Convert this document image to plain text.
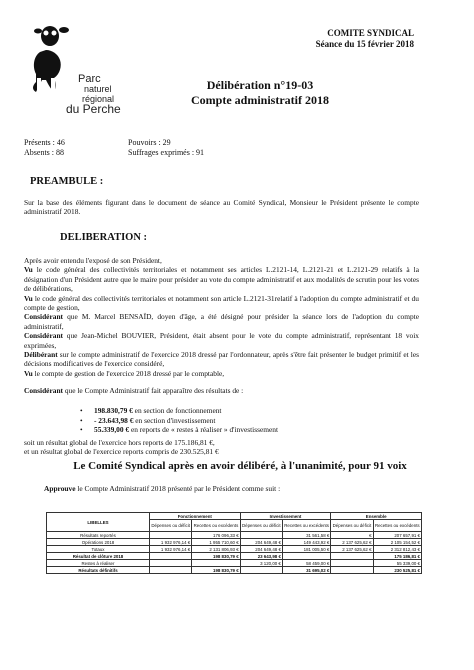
Parc
naturel
régional
du Perche
COMITE SYNDICAL
Séance du 15 février 2018
Délibération n°19-03
Compte administratif 2018
Présents : 46
Absents : 88
Pouvoirs : 29
Suffrages exprimés : 91
PREAMBULE :
Sur la base des éléments figurant dans le document de séance au Comité Syndical, Monsieur le Président présente le compte administratif 2018.
DELIBERATION :

Après avoir entendu l'exposé de son Président,

Vu le code général des collectivités territoriales et notamment ses articles L.2121-14, L.2121-21 et L.2121-29 relatifs à la désignation d'un Président autre que le maire pour présider au vote du compte administratif et aux modalités de scrutin pour les votes de délibérations,

Vu le code général des collectivités territoriales et notamment son article L.2121-31relatif à l'adoption du compte administratif et du compte de gestion,

Considérant que M. Marcel BENSAÏD, doyen d'âge, a été désigné pour présider la séance lors de l'adoption du compte administratif,

Considérant que Jean-Michel BOUVIER, Président, était absent pour le vote du compte administratif, représentant 18 voix exprimées,

Délibérant sur le compte administratif de l'exercice 2018 dressé par l'ordonnateur, après s'être fait présenter le budget primitif et les décisions modificatives de l'exercice considéré,

Vu le compte de gestion de l'exercice 2018 dressé par le comptable,

Considérant que le Compte Administratif fait apparaître des résultats de :
• 198.830,79 € en section de fonctionnement
• - 23.643,98 € en section d'investissement
• 55.339,00 € en reports de « restes à réaliser » d'investissement

soit un résultat global de l'exercice hors reports de 175.186,81 €,

et un résultat global de l'exercice reports compris de 230.525,81 €

Le Comité Syndical après en avoir délibéré, à l'unanimité, pour 91 voix
Approuve le Compte Administratif 2018 présenté par le Président comme suit :
LIBELLES	Fonctionnement		Investissement		Ensemble	
	Dépenses ou déficit	Recettes ou excédents	Dépenses ou déficit	Recettes ou excédents	Dépenses ou déficit	Recettes ou excédents
Résultats reportés		176 096,33 €		31 561,58 €	€	207 657,91 €
Opérations 2018	1 932 976,14 €	1 955 710,60 €	204 649,48 €	149 443,92 €	2 137 625,62 €	2 105 154,52 €
Totaux	1 932 976,14 €	2 131 806,93 €	204 649,48 €	181 005,50 €	2 137 625,62 €	2 312 812,43 €
Résultat de clôture 2018		198 830,79 €	23 643,98 €			175 186,81 €
Restes à réaliser			3 120,00 €	58 459,00 €		55 339,00 €
Résultats définitifs		198 830,79 €		31 695,02 €		230 525,81 €
